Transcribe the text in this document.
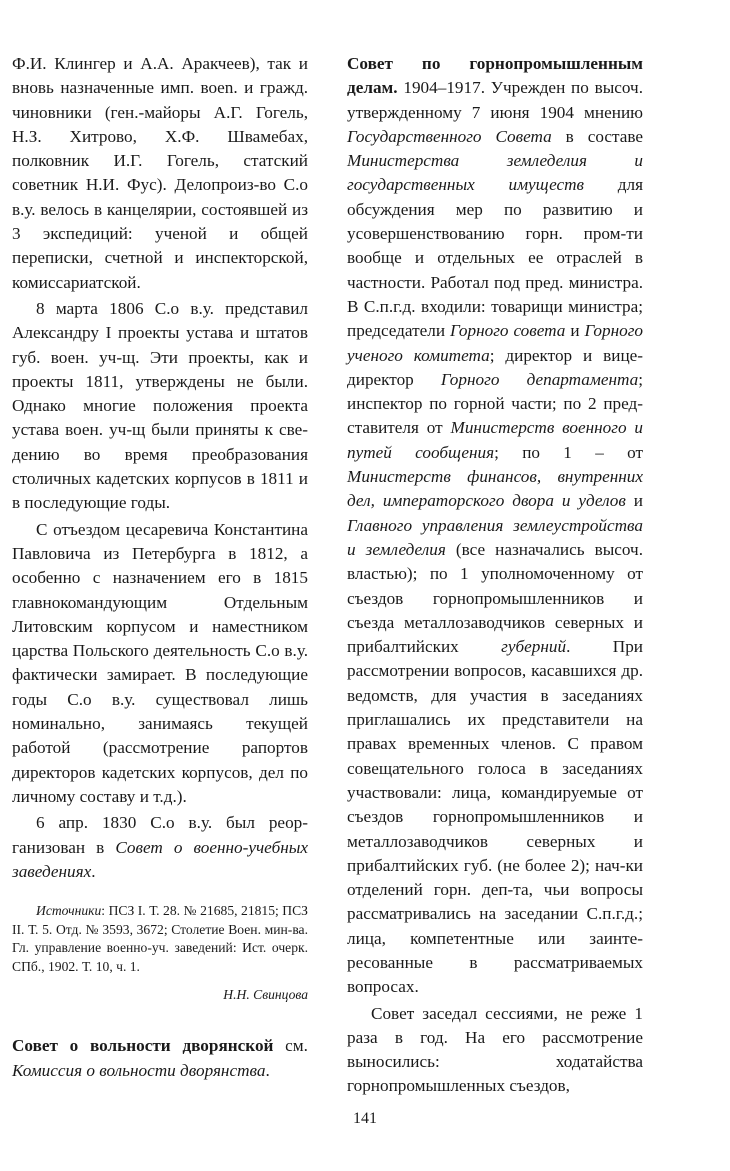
Ф.И. Клингер и А.А. Аракчеев), так и вновь назначенные имп. воen. и гражд. чиновники (ген.-майоры А.Г. Гогель, Н.З. Хитрово, Х.Ф. Швамебах, полковник И.Г. Гогель, статский советник Н.И. Фус). Делопроиз-во С.о в.у. велось в канцелярии, состоявшей из 3 экспедиций: ученой и общей переписки, счетной и инспекторской, комиссариатской.

8 марта 1806 С.о в.у. представил Александру I проекты устава и штатов губ. воен. уч-щ. Эти проекты, как и проекты 1811, утверждены не были. Однако многие положения проекта устава воен. уч-щ были приняты к сведению во время преобразования столичных кадетских корпусов в 1811 и в последующие годы.

С отъездом цесаревича Константина Павловича из Петербурга в 1812, а особенно с назначением его в 1815 главнокомандующим Отдельным Литовским корпусом и наместником царства Польского деятельность С.о в.у. фактически замирает. В последующие годы С.о в.у. существовал лишь номинально, занимаясь текущей работой (рассмотрение рапортов директоров кадетских корпусов, дел по личному составу и т.д.).

6 апр. 1830 С.о в.у. был реорганизован в Совет о военно-учебных заведениях.

Источники: ПСЗ I. Т. 28. № 21685, 21815; ПСЗ II. Т. 5. Отд. № 3593, 3672; Столетие Воен. мин-ва. Гл. управление военно-уч. заведений: Ист. очерк. СПб., 1902. Т. 10, ч. 1.

Н.Н. Свинцова

Совет о вольности дворянской см. Комиссия о вольности дворянства.

Совет по горнопромышленным делам. 1904–1917. Учрежден по высоч. утвержденному 7 июня 1904 мнению Государственного Совета в составе Министерства земледелия и государственных имуществ для обсуждения мер по развитию и усовершенствованию горн. пром-ти вообще и отдельных ее отраслей в частности. Работал под пред. министра. В С.п.г.д. входили: товарищи министра; председатели Горного совета и Горного ученого комитета; директор и вице-директор Горного департамента; инспектор по горной части; по 2 представителя от Министерств военного и путей сообщения; по 1 – от Министерств финансов, внутренних дел, императорского двора и уделов и Главного управления землеустройства и земледелия (все назначались высоч. властью); по 1 уполномоченному от съездов горнопромышленников и съезда металлозаводчиков северных и прибалтийских губерний. При рассмотрении вопросов, касавшихся др. ведомств, для участия в заседаниях приглашались их представители на правах временных членов. С правом совещательного голоса в заседаниях участвовали: лица, командируемые от съездов горнопромышленников и металлозаводчиков северных и прибалтийских губ. (не более 2); нач-ки отделений горн. деп-та, чьи вопросы рассматривались на заседании С.п.г.д.; лица, компетентные или заинтересованные в рассматриваемых вопросах.

Совет заседал сессиями, не реже 1 раза в год. На его рассмотрение выносились: ходатайства горнопромышленных съездов,

141
